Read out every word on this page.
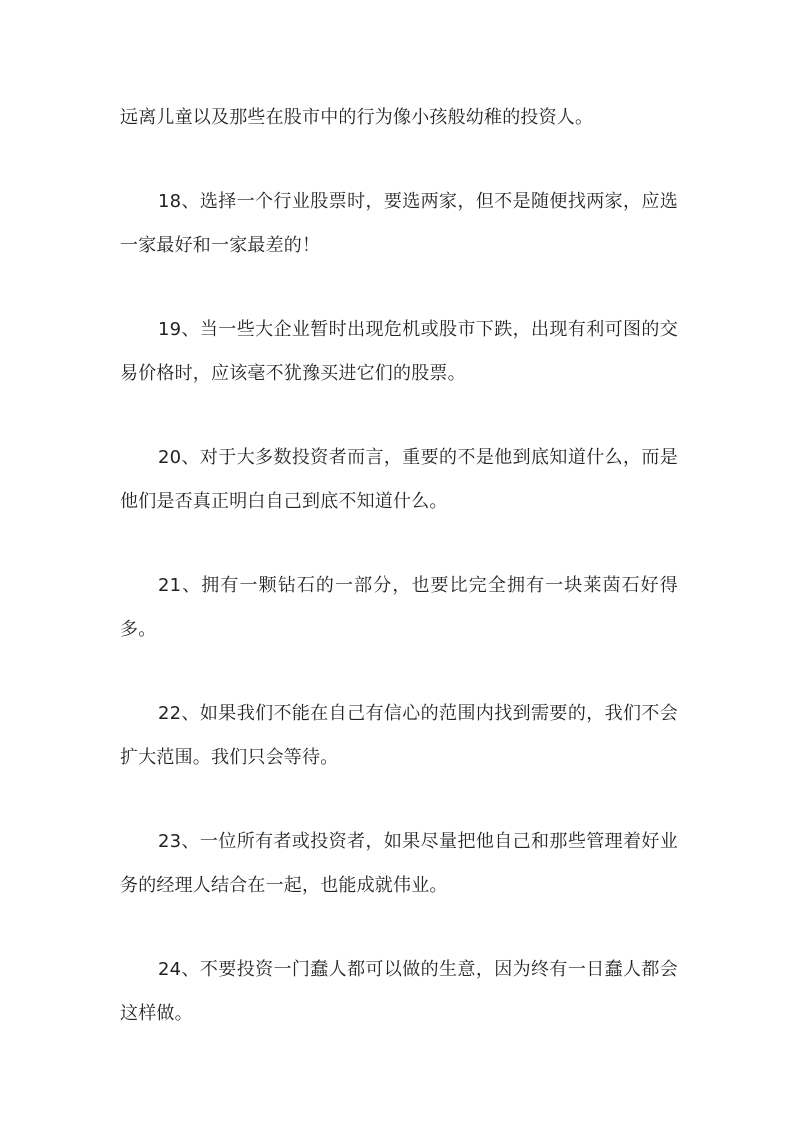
远离儿童以及那些在股市中的行为像小孩般幼稚的投资人。

18、选择一个行业股票时，要选两家，但不是随便找两家，应选一家最好和一家最差的！

19、当一些大企业暂时出现危机或股市下跌，出现有利可图的交易价格时，应该毫不犹豫买进它们的股票。

20、对于大多数投资者而言，重要的不是他到底知道什么，而是他们是否真正明白自己到底不知道什么。

21、拥有一颗钻石的一部分，也要比完全拥有一块莱茵石好得多。

22、如果我们不能在自己有信心的范围内找到需要的，我们不会扩大范围。我们只会等待。

23、一位所有者或投资者，如果尽量把他自己和那些管理着好业务的经理人结合在一起，也能成就伟业。

24、不要投资一门蠢人都可以做的生意，因为终有一日蠢人都会这样做。
